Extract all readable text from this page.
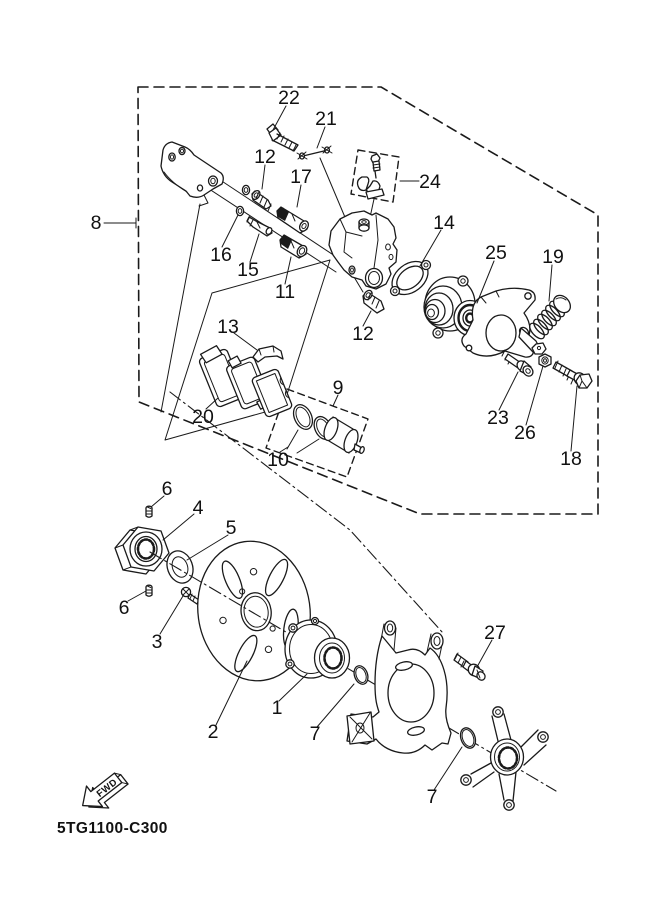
FWD
22
21
12
17	24
8	14
16	25 19
15
11
13	12
9
20	23
26
10	18
6
4
5
6
3	27
1
7
2
7
5TG1100-C300
